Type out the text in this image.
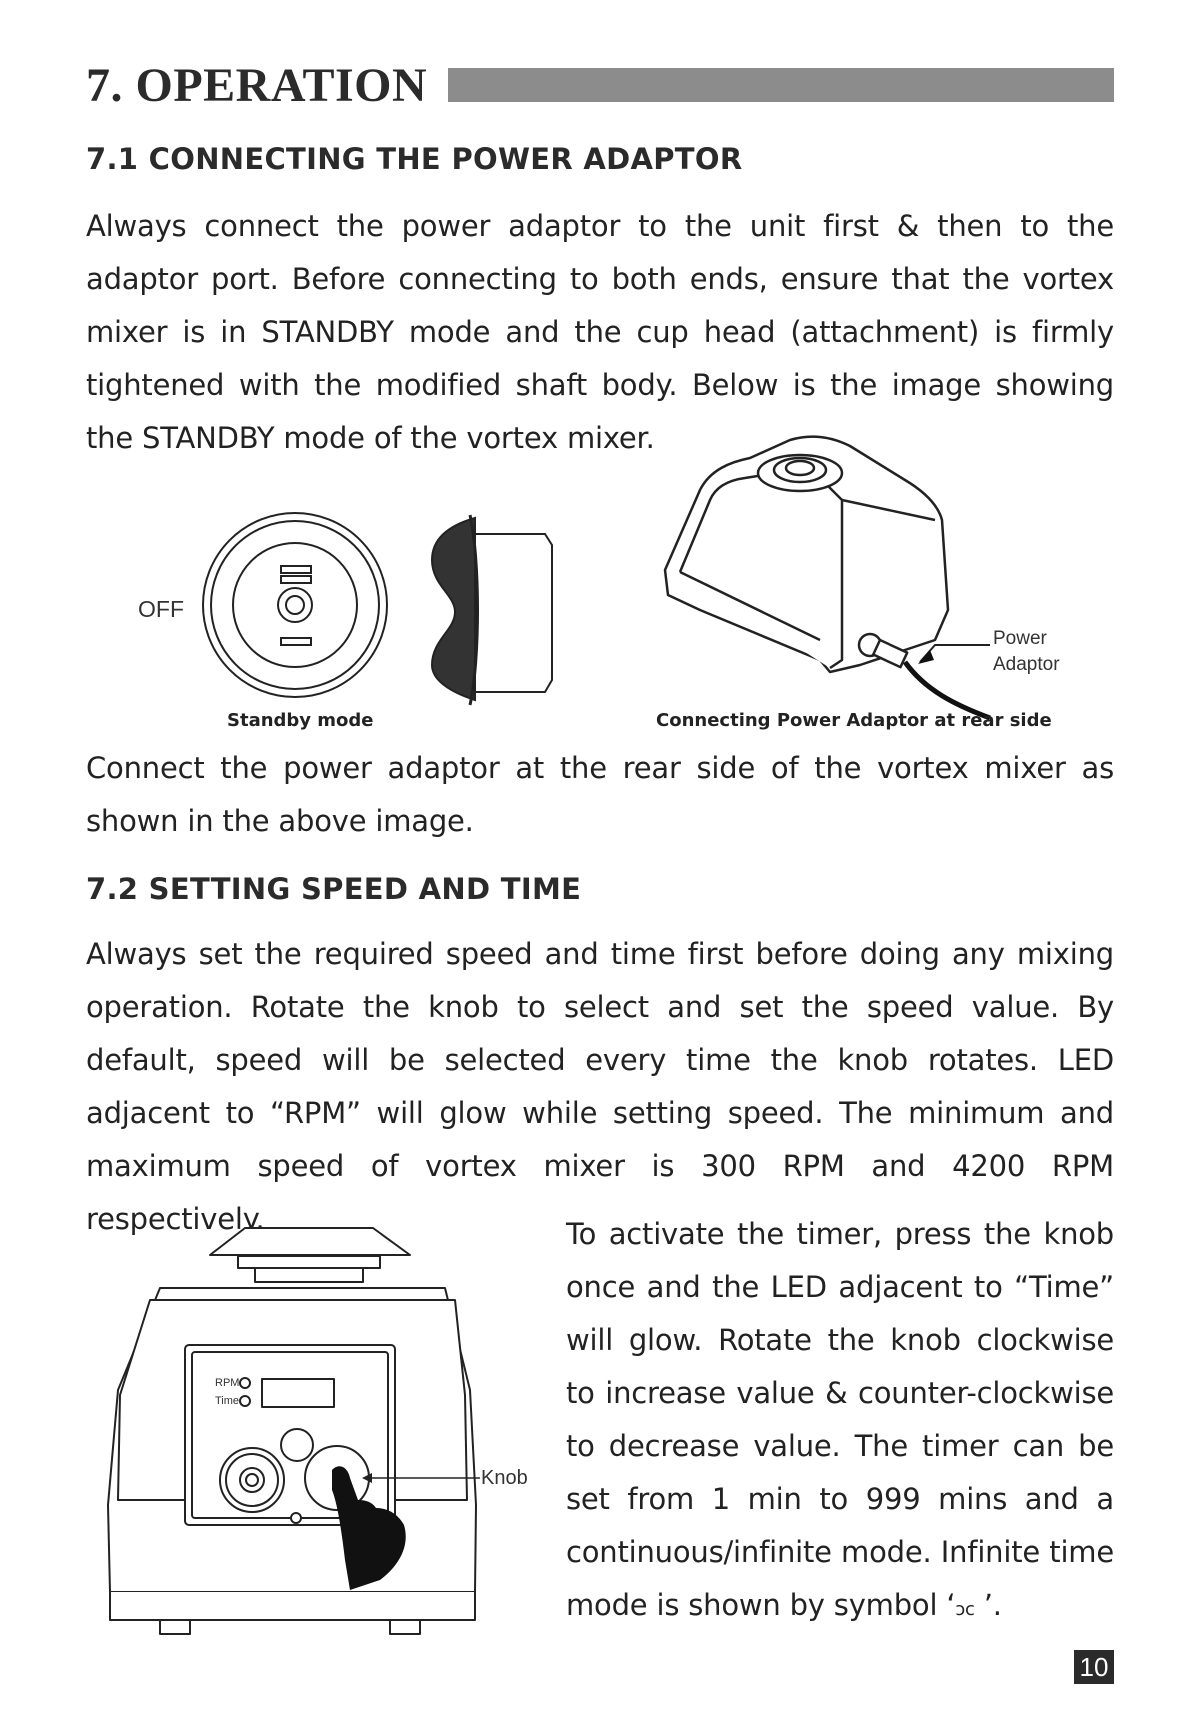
7. OPERATION
7.1 CONNECTING THE POWER ADAPTOR

Always connect the power adaptor to the unit first & then to the adaptor port. Before connecting to both ends, ensure that the vortex mixer is in STANDBY mode and the cup head (attachment) is firmly tightened with the modified shaft body. Below is the image showing the STANDBY mode of the vortex mixer.

OFF
Standby mode
Power
Adaptor
Connecting Power Adaptor at rear side

Connect the power adaptor at the rear side of the vortex mixer as shown in the above image.

7.2 SETTING SPEED AND TIME

Always set the required speed and time first before doing any mixing operation. Rotate the knob to select and set the speed value. By default, speed will be selected every time the knob rotates. LED adjacent to “RPM” will glow while setting speed. The minimum and maximum speed of vortex mixer is 300 RPM and 4200 RPM respectively.

RPM
Time
Knob

To activate the timer, press the knob once and the LED adjacent to “Time” will glow. Rotate the knob clockwise to increase value & counter-clockwise to decrease value. The timer can be set from 1 min to 999 mins and a continuous/infinite mode. Infinite time mode is shown by symbol ‘ɔc ’.

10
